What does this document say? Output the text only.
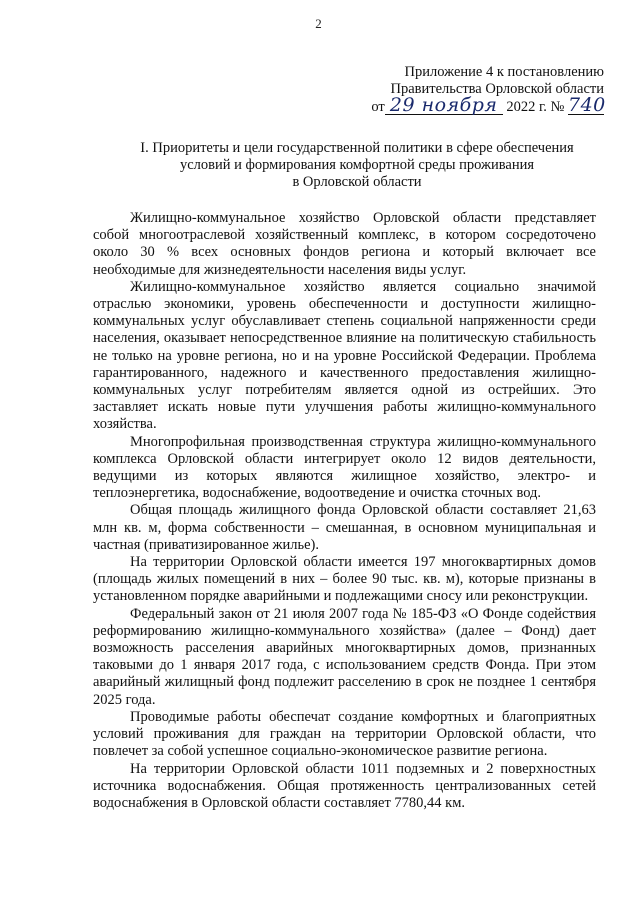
2
Приложение 4 к постановлению
Правительства Орловской области
от 29 ноября 2022 г. № 740
I. Приоритеты и цели государственной политики в сфере обеспечения
условий и формирования комфортной среды проживания
в Орловской области

Жилищно-коммунальное хозяйство Орловской области представляет собой многоотраслевой хозяйственный комплекс, в котором сосредоточено около 30 % всех основных фондов региона и который включает все необходимые для жизнедеятельности населения виды услуг.

Жилищно-коммунальное хозяйство является социально значимой отраслью экономики, уровень обеспеченности и доступности жилищно-коммунальных услуг обуславливает степень социальной напряженности среди населения, оказывает непосредственное влияние на политическую стабильность не только на уровне региона, но и на уровне Российской Федерации. Проблема гарантированного, надежного и качественного предоставления жилищно-коммунальных услуг потребителям является одной из острейших. Это заставляет искать новые пути улучшения работы жилищно-коммунального хозяйства.

Многопрофильная производственная структура жилищно-коммунального комплекса Орловской области интегрирует около 12 видов деятельности, ведущими из которых являются жилищное хозяйство, электро- и теплоэнергетика, водоснабжение, водоотведение и очистка сточных вод.

Общая площадь жилищного фонда Орловской области составляет 21,63 млн кв. м, форма собственности – смешанная, в основном муниципальная и частная (приватизированное жилье).

На территории Орловской области имеется 197 многоквартирных домов (площадь жилых помещений в них – более 90 тыс. кв. м), которые признаны в установленном порядке аварийными и подлежащими сносу или реконструкции.

Федеральный закон от 21 июля 2007 года № 185-ФЗ «О Фонде содействия реформированию жилищно-коммунального хозяйства» (далее – Фонд) дает возможность расселения аварийных многоквартирных домов, признанных таковыми до 1 января 2017 года, с использованием средств Фонда. При этом аварийный жилищный фонд подлежит расселению в срок не позднее 1 сентября 2025 года.

Проводимые работы обеспечат создание комфортных и благоприятных условий проживания для граждан на территории Орловской области, что повлечет за собой успешное социально-экономическое развитие региона.

На территории Орловской области 1011 подземных и 2 поверхностных источника водоснабжения. Общая протяженность централизованных сетей водоснабжения в Орловской области составляет 7780,44 км.
